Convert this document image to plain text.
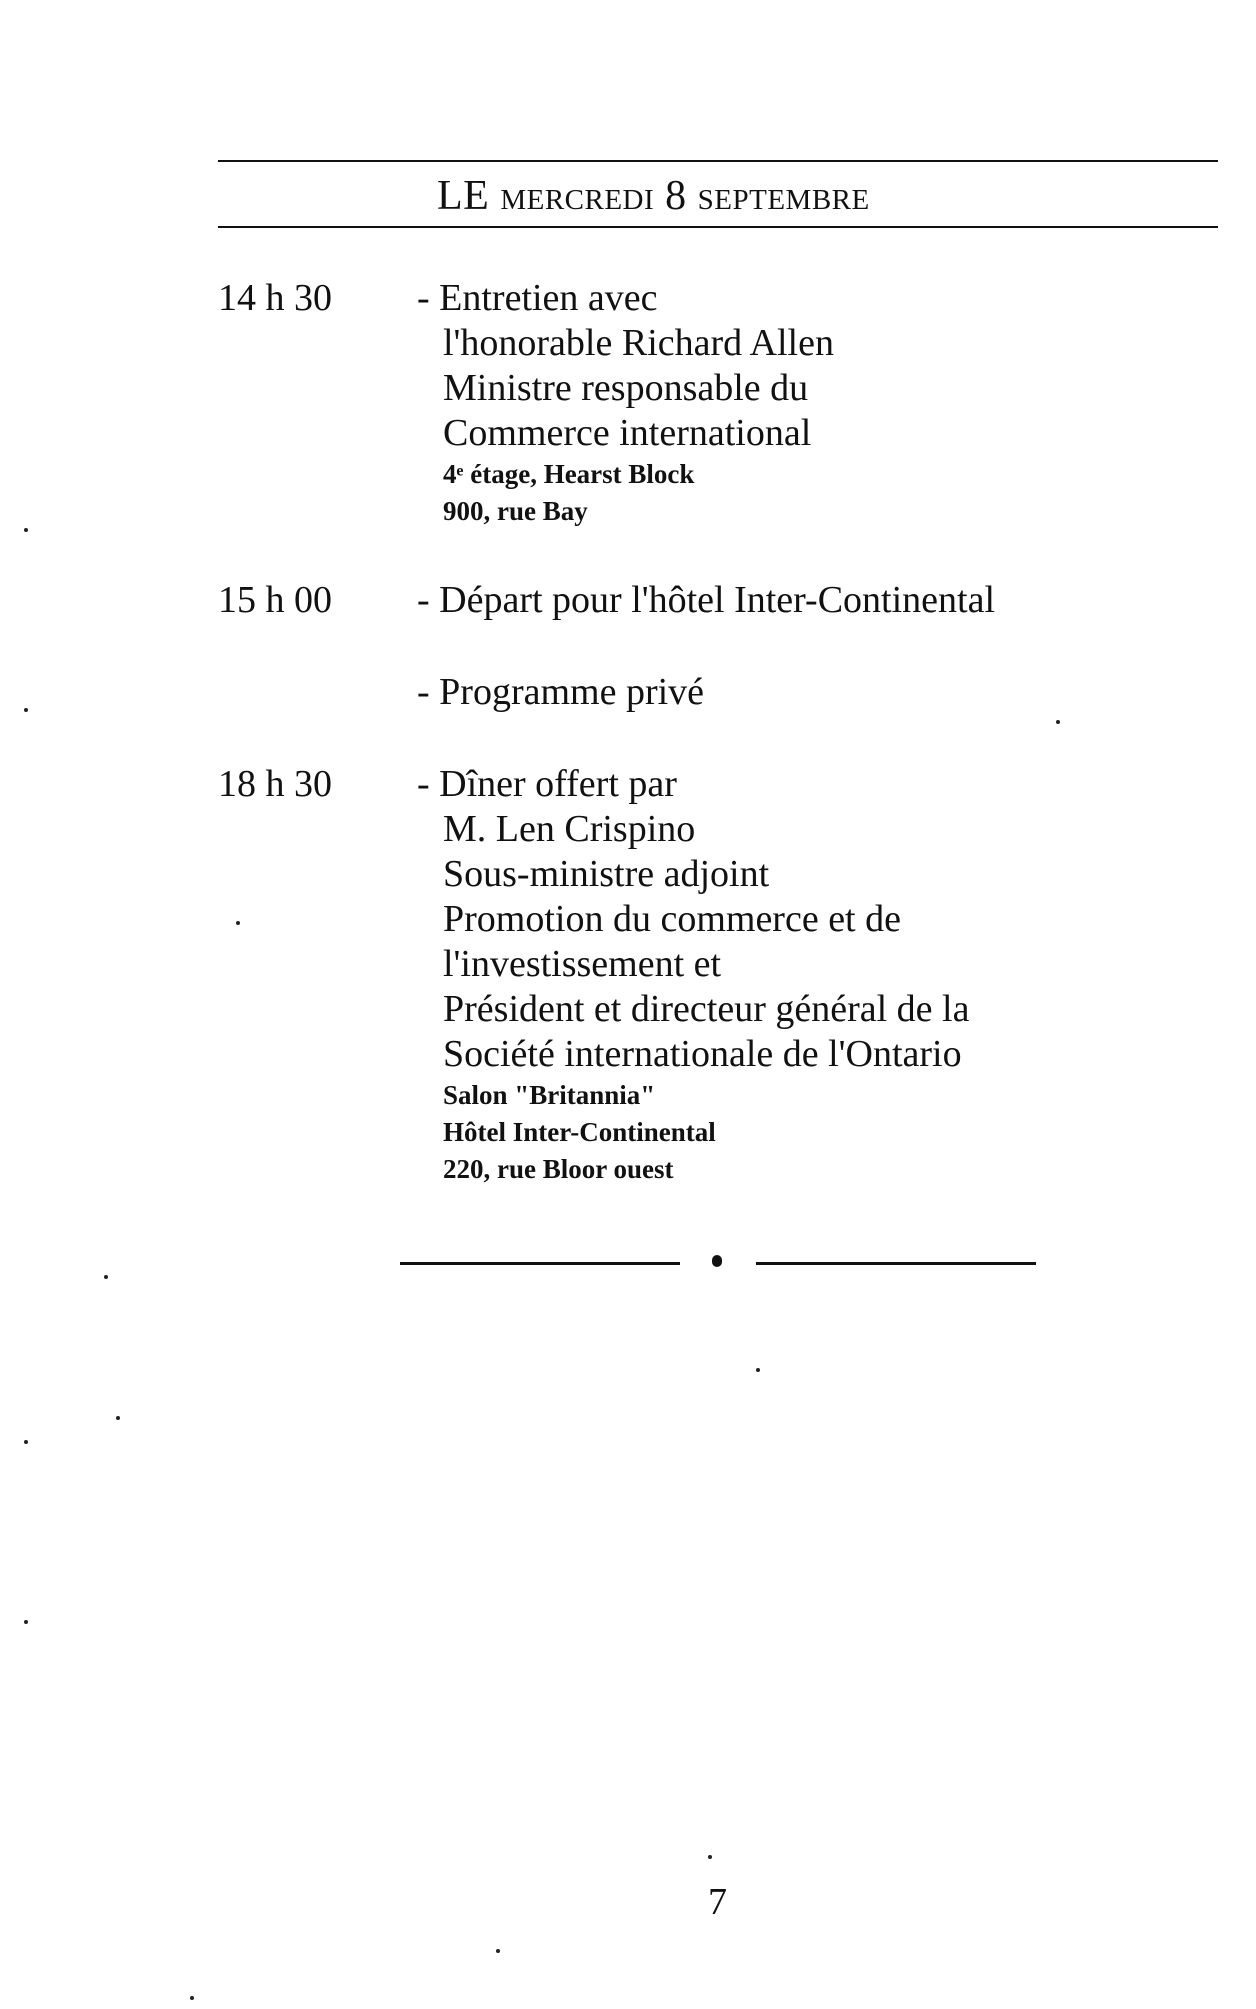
LE mercredi 8 septembre
14 h 30 - Entretien avec
l'honorable Richard Allen
Ministre responsable du
Commerce international
4ᵉ étage, Hearst Block
900, rue Bay
15 h 00 - Départ pour l'hôtel Inter-Continental
- Programme privé
18 h 30 - Dîner offert par
M. Len Crispino
Sous-ministre adjoint
Promotion du commerce et de
l'investissement et
Président et directeur général de la
Société internationale de l'Ontario
Salon "Britannia"
Hôtel Inter-Continental
220, rue Bloor ouest
7
